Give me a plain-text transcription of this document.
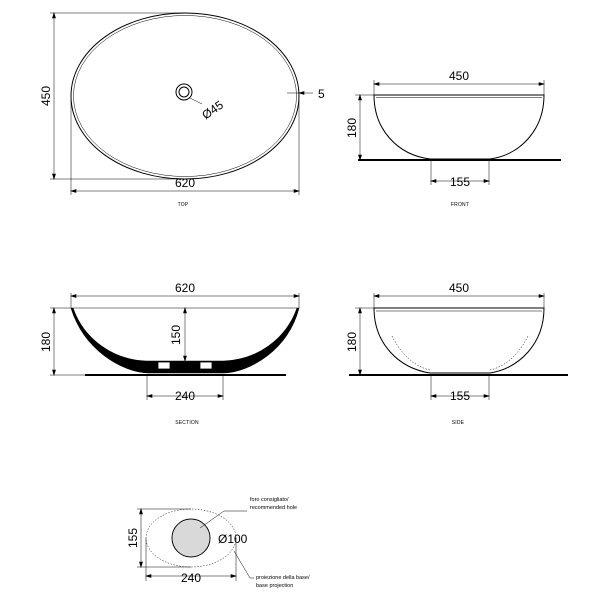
Ø45
620
450	5
TOP
450
180
155
FRONT
620
180	150
240
SECTION
450
180
155
SIDE
foro consigliato/
recommended hole
Ø100
proiezione della base/
base projection
240
155
